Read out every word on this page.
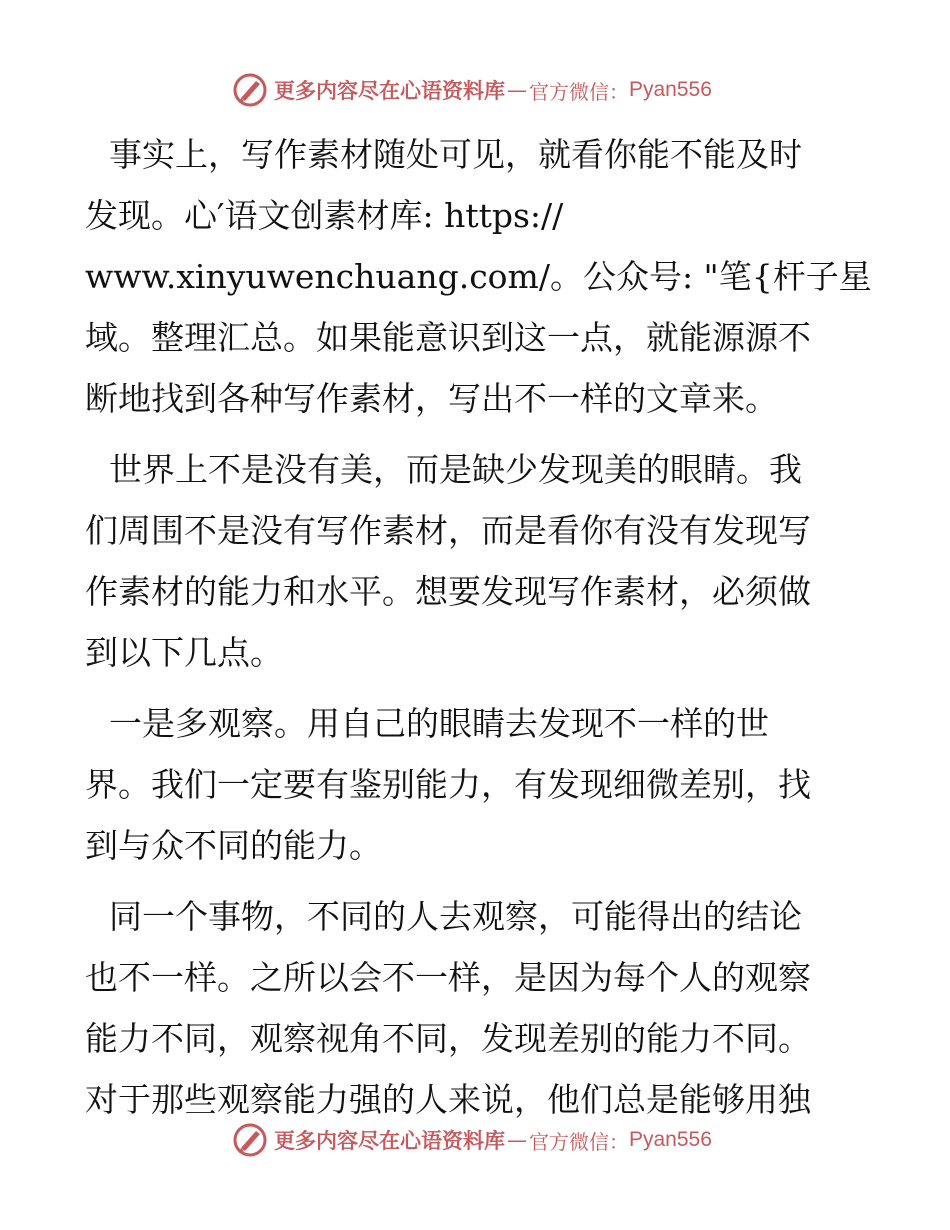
更多内容尽在心语资料库 — 官方微信： Pyan556

事实上，写作素材随处可见，就看你能不能及时
发现。心′语文创素材库: https://
www.xinyuwenchuang.com/。公众号: "笔{杆子星
域。整理汇总。如果能意识到这一点，就能源源不
断地找到各种写作素材，写出不一样的文章来。

世界上不是没有美，而是缺少发现美的眼睛。我
们周围不是没有写作素材，而是看你有没有发现写
作素材的能力和水平。想要发现写作素材，必须做
到以下几点。

一是多观察。用自己的眼睛去发现不一样的世
界。我们一定要有鉴别能力，有发现细微差别，找
到与众不同的能力。

同一个事物，不同的人去观察，可能得出的结论
也不一样。之所以会不一样，是因为每个人的观察
能力不同，观察视角不同，发现差别的能力不同。
对于那些观察能力强的人来说，他们总是能够用独

更多内容尽在心语资料库 — 官方微信： Pyan556
